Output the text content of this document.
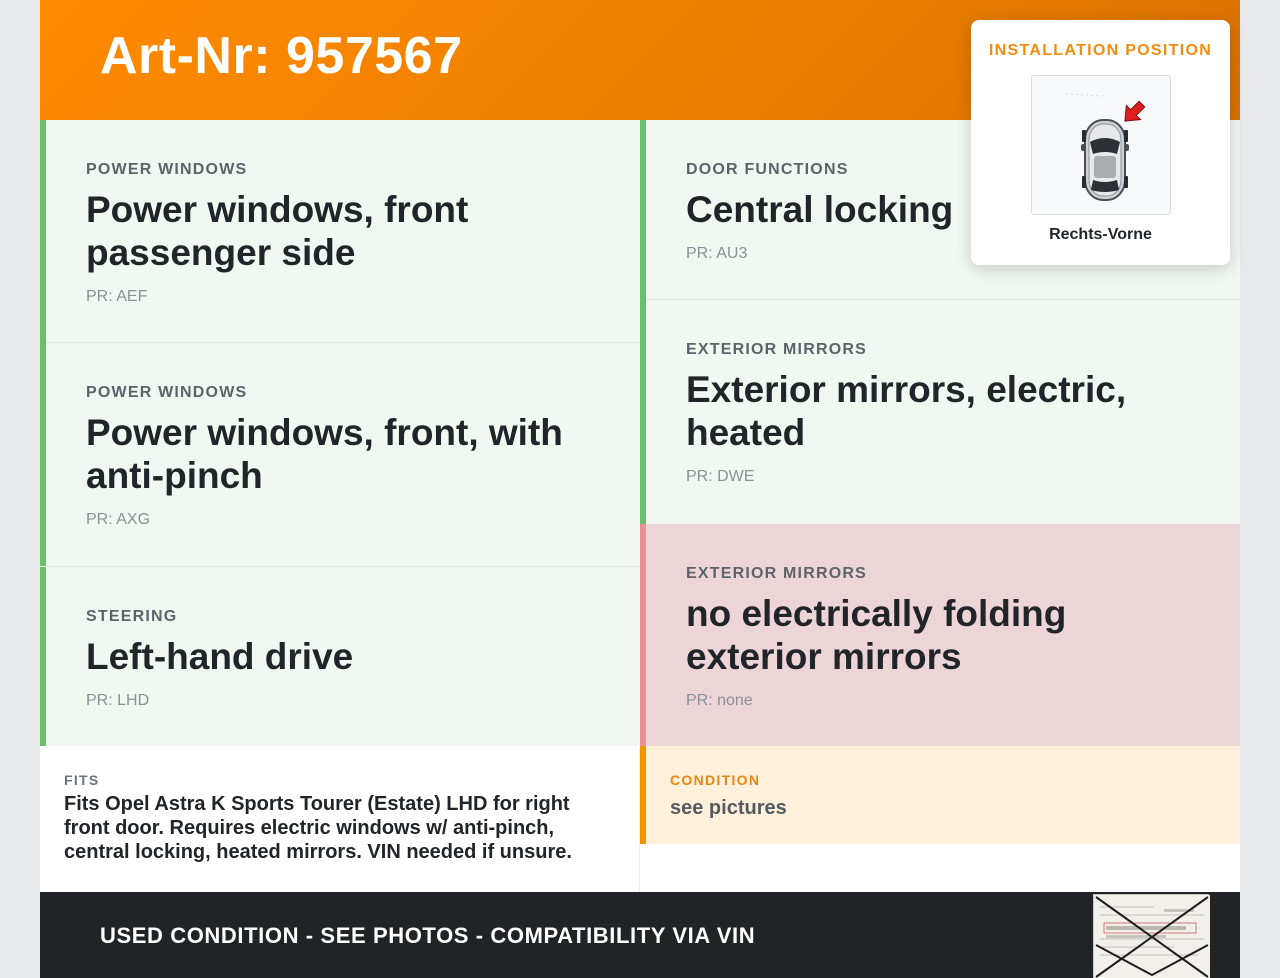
Art-Nr: 957567
POWER WINDOWS
Power windows, front passenger side
PR: AEF
POWER WINDOWS
Power windows, front, with anti-pinch
PR: AXG
STEERING
Left-hand drive
PR: LHD
DOOR FUNCTIONS
Central locking
PR: AU3
EXTERIOR MIRRORS
Exterior mirrors, electric, heated
PR: DWE
EXTERIOR MIRRORS
no electrically folding exterior mirrors
PR: none
FITS
Fits Opel Astra K Sports Tourer (Estate) LHD for right front door. Requires electric windows w/ anti-pinch, central locking, heated mirrors. VIN needed if unsure.
CONDITION
see pictures
USED CONDITION - SEE PHOTOS - COMPATIBILITY VIA VIN
INSTALLATION POSITION
Rechts-Vorne
